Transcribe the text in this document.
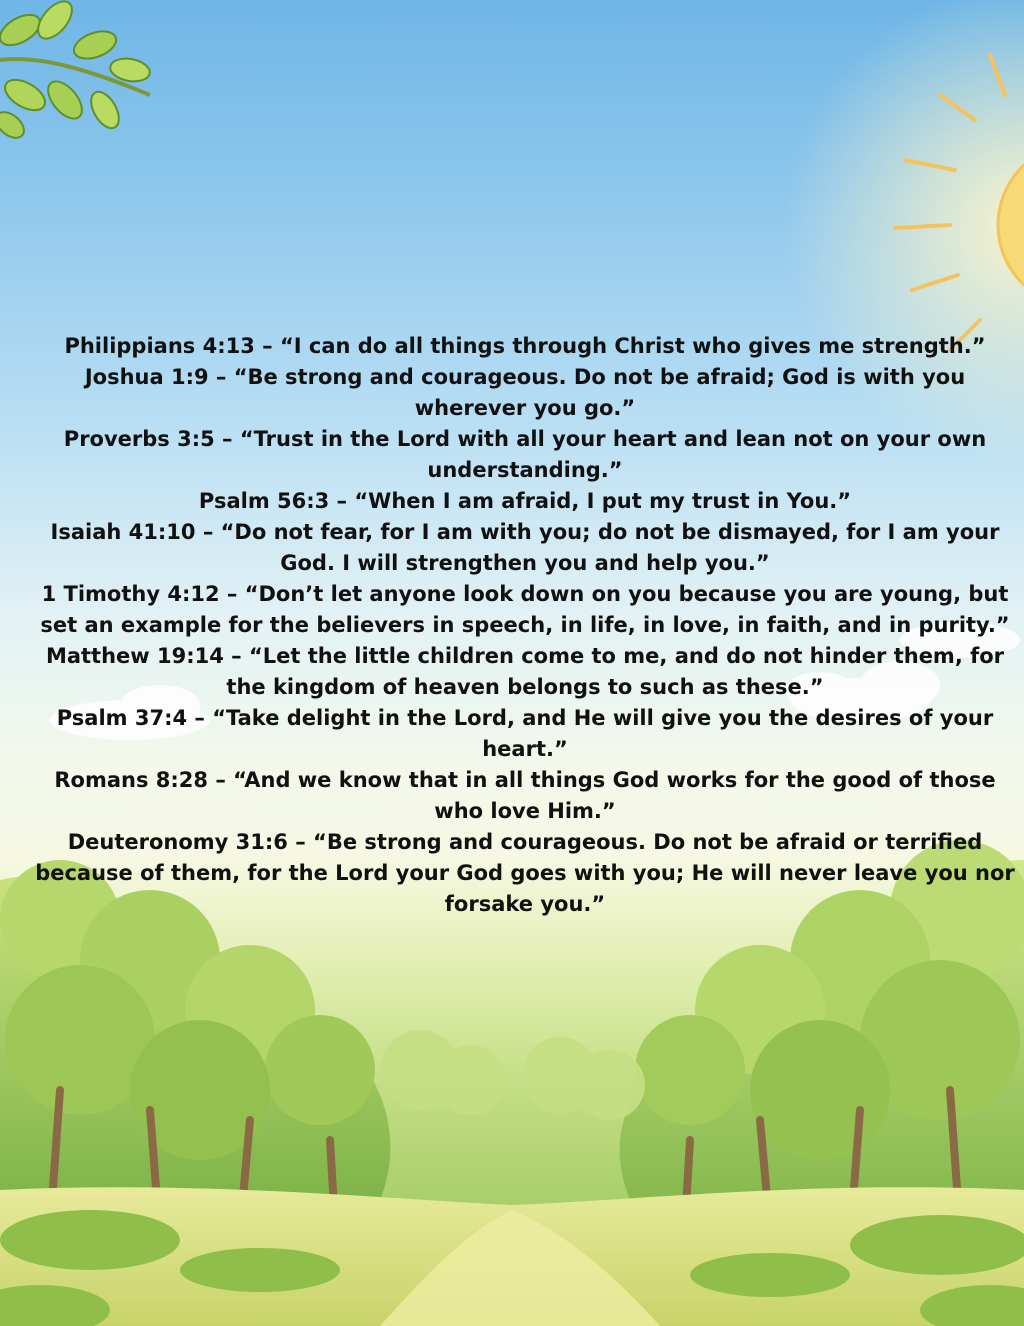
Philippians 4:13 – “I can do all things through Christ who gives me strength.”

Joshua 1:9 – “Be strong and courageous. Do not be afraid; God is with you wherever you go.”

Proverbs 3:5 – “Trust in the Lord with all your heart and lean not on your own understanding.”

Psalm 56:3 – “When I am afraid, I put my trust in You.”

Isaiah 41:10 – “Do not fear, for I am with you; do not be dismayed, for I am your God. I will strengthen you and help you.”

1 Timothy 4:12 – “Don’t let anyone look down on you because you are young, but set an example for the believers in speech, in life, in love, in faith, and in purity.”

Matthew 19:14 – “Let the little children come to me, and do not hinder them, for the kingdom of heaven belongs to such as these.”

Psalm 37:4 – “Take delight in the Lord, and He will give you the desires of your heart.”

Romans 8:28 – “And we know that in all things God works for the good of those who love Him.”

Deuteronomy 31:6 – “Be strong and courageous. Do not be afraid or terrified because of them, for the Lord your God goes with you; He will never leave you nor forsake you.”
